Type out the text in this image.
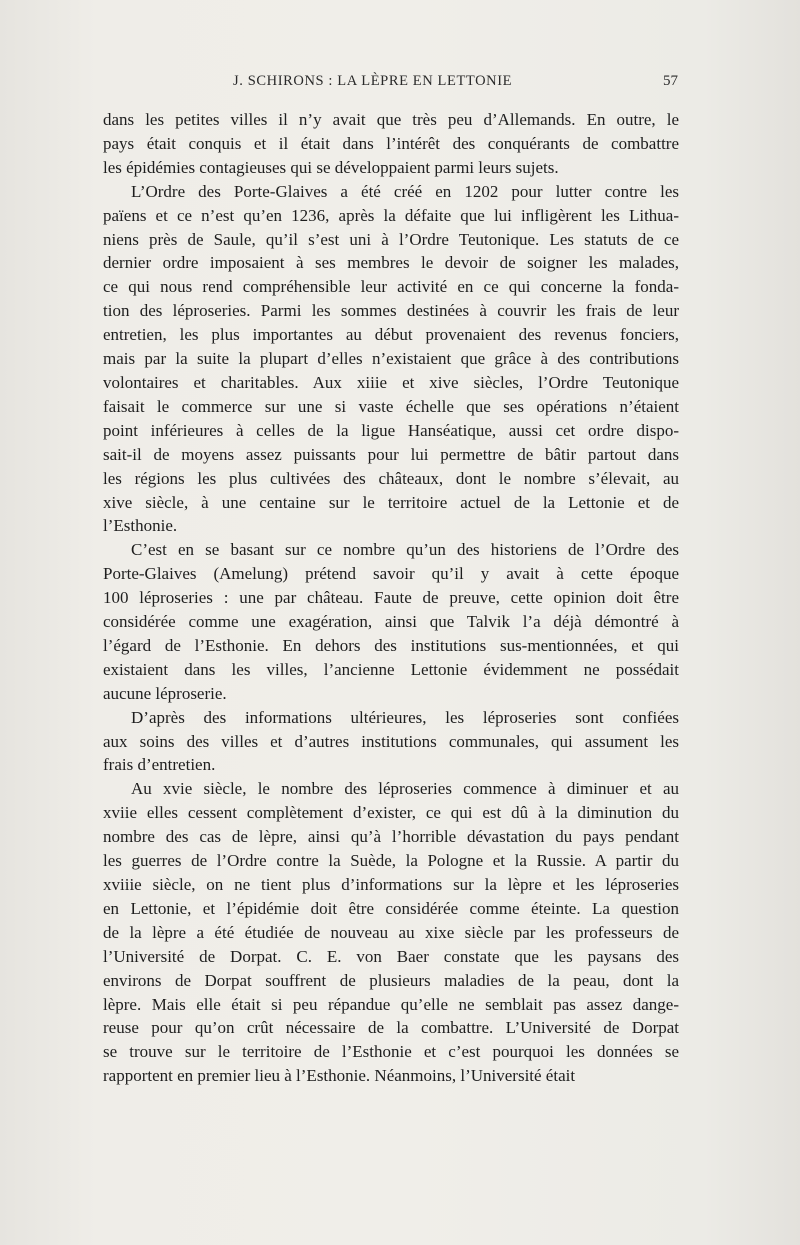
J. SCHIRONS : LA LÈPRE EN LETTONIE	57

dans les petites villes il n’y avait que très peu d’Allemands. En outre, le
pays était conquis et il était dans l’intérêt des conquérants de combattre
les épidémies contagieuses qui se développaient parmi leurs sujets.

L’Ordre des Porte-Glaives a été créé en 1202 pour lutter contre les
païens et ce n’est qu’en 1236, après la défaite que lui infligèrent les Lithua-
niens près de Saule, qu’il s’est uni à l’Ordre Teutonique. Les statuts de ce
dernier ordre imposaient à ses membres le devoir de soigner les malades,
ce qui nous rend compréhensible leur activité en ce qui concerne la fonda-
tion des léproseries. Parmi les sommes destinées à couvrir les frais de leur
entretien, les plus importantes au début provenaient des revenus fonciers,
mais par la suite la plupart d’elles n’existaient que grâce à des contributions
volontaires et charitables. Aux xiiie et xive siècles, l’Ordre Teutonique
faisait le commerce sur une si vaste échelle que ses opérations n’étaient
point inférieures à celles de la ligue Hanséatique, aussi cet ordre dispo-
sait-il de moyens assez puissants pour lui permettre de bâtir partout dans
les régions les plus cultivées des châteaux, dont le nombre s’élevait, au
xive siècle, à une centaine sur le territoire actuel de la Lettonie et de
l’Esthonie.

C’est en se basant sur ce nombre qu’un des historiens de l’Ordre des
Porte-Glaives (Amelung) prétend savoir qu’il y avait à cette époque
100 léproseries : une par château. Faute de preuve, cette opinion doit être
considérée comme une exagération, ainsi que Talvik l’a déjà démontré à
l’égard de l’Esthonie. En dehors des institutions sus-mentionnées, et qui
existaient dans les villes, l’ancienne Lettonie évidemment ne possédait
aucune léproserie.

D’après des informations ultérieures, les léproseries sont confiées
aux soins des villes et d’autres institutions communales, qui assument les
frais d’entretien.

Au xvie siècle, le nombre des léproseries commence à diminuer et au
xviie elles cessent complètement d’exister, ce qui est dû à la diminution du
nombre des cas de lèpre, ainsi qu’à l’horrible dévastation du pays pendant
les guerres de l’Ordre contre la Suède, la Pologne et la Russie. A partir du
xviiie siècle, on ne tient plus d’informations sur la lèpre et les léproseries
en Lettonie, et l’épidémie doit être considérée comme éteinte. La question
de la lèpre a été étudiée de nouveau au xixe siècle par les professeurs de
l’Université de Dorpat. C. E. von Baer constate que les paysans des
environs de Dorpat souffrent de plusieurs maladies de la peau, dont la
lèpre. Mais elle était si peu répandue qu’elle ne semblait pas assez dange-
reuse pour qu’on crût nécessaire de la combattre. L’Université de Dorpat
se trouve sur le territoire de l’Esthonie et c’est pourquoi les données se
rapportent en premier lieu à l’Esthonie. Néanmoins, l’Université était
